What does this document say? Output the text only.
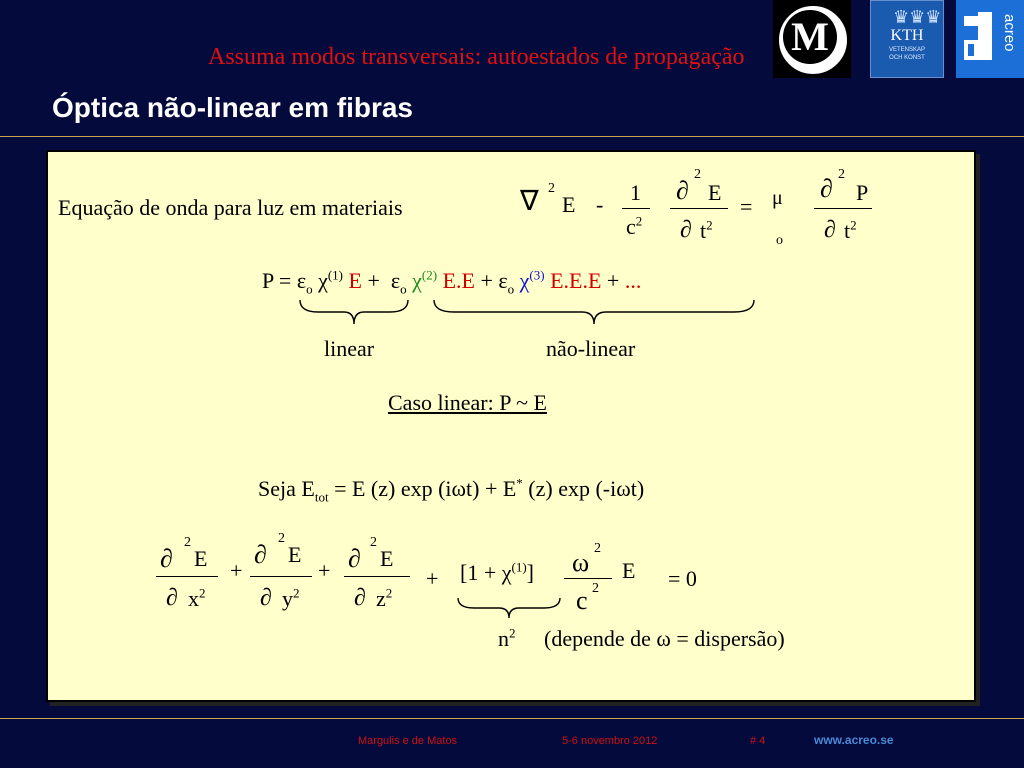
Assuma modos transversais: autoestados de propagação
Óptica não-linear em fibras
M	♛♛♛
KTH
VETENSKAP
OCH KONST
acreo
Equação de onda para luz em materiais	∇ 2
E - 1
$c^2$
∂
2
E
∂ $t^2$
= μ
o
∂ 2
P
∂ $t^2$
$P = \varepsilon_o$ $\chi^{(1)}$ $E + \varepsilon_o$ $\chi^{(2)}$ $E.E + \varepsilon_o$ $\chi^{(3)}$ E.E.E + ...
linear	não-linear
Caso linear: P ~ E
Seja $E_{tot} = E$ (z) exp (iωt) + E* (z) exp (-iωt)
∂
2
E
∂ $x^2$
+
∂
2
E
∂ $y^2$
+ ∂
2
E
∂ $z^2$
+ $[1 + \chi^{(1)}]$ ω 2
c 2
E = 0
$n^2$ (depende de ω = dispersão)
Margulis e de Matos	5-6 novembro 2012	# 4	www.acreo.se
